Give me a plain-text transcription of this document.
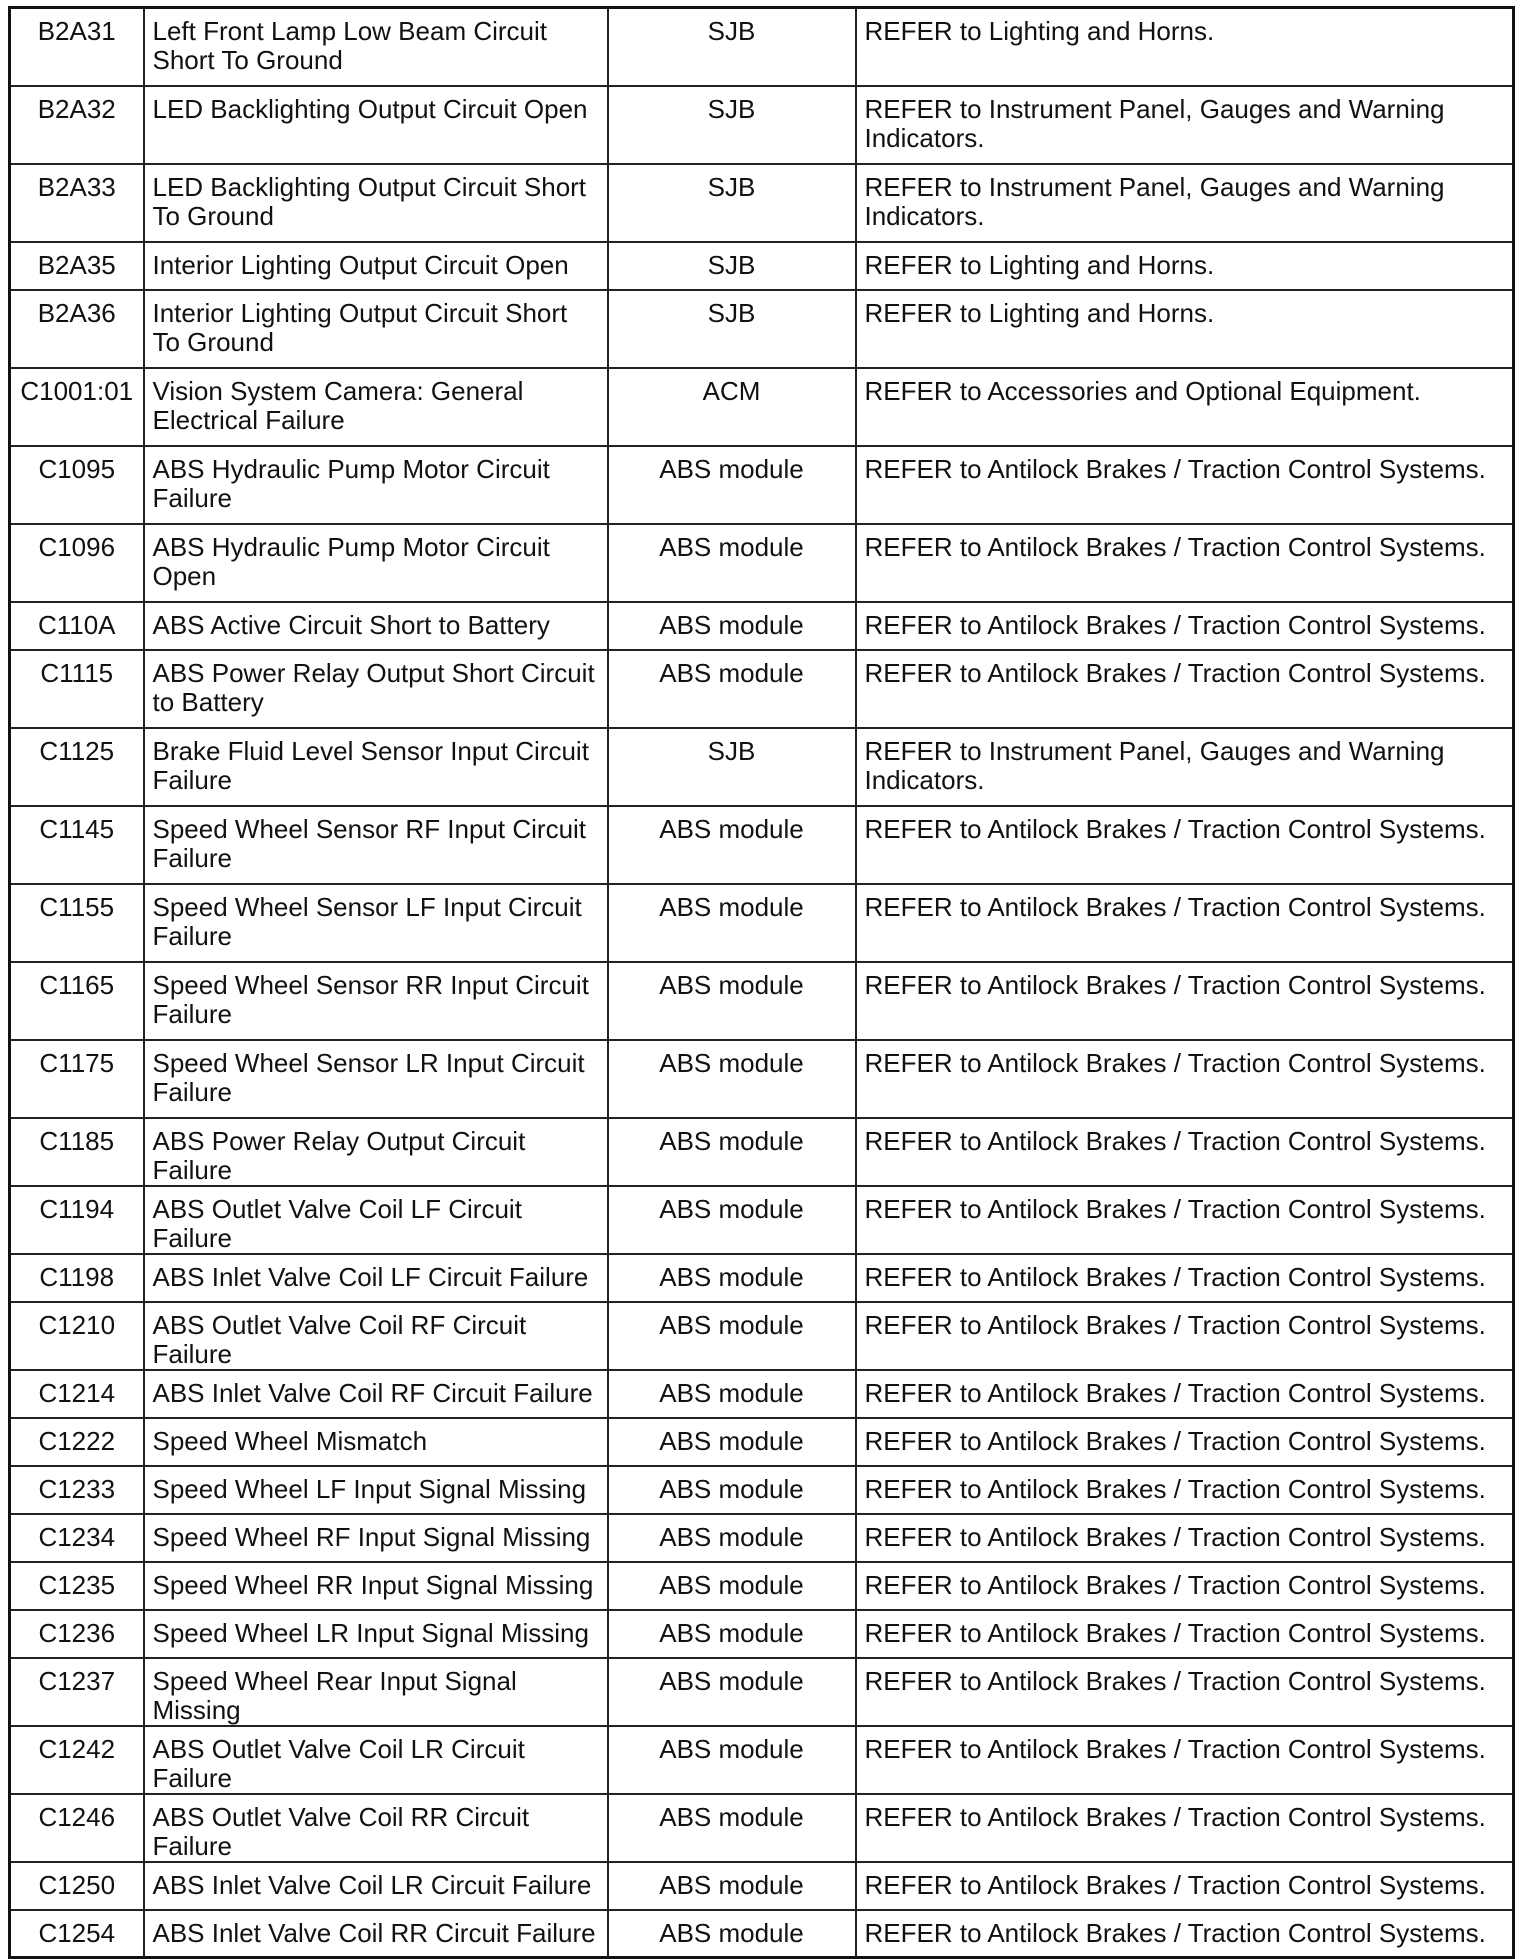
B2A31	Left Front Lamp Low Beam Circuit Short To Ground	SJB	REFER to Lighting and Horns.
B2A32	LED Backlighting Output Circuit Open	SJB	REFER to Instrument Panel, Gauges and Warning Indicators.
B2A33	LED Backlighting Output Circuit Short To Ground	SJB	REFER to Instrument Panel, Gauges and Warning Indicators.
B2A35	Interior Lighting Output Circuit Open	SJB	REFER to Lighting and Horns.
B2A36	Interior Lighting Output Circuit Short To Ground	SJB	REFER to Lighting and Horns.
C1001:01	Vision System Camera: General Electrical Failure	ACM	REFER to Accessories and Optional Equipment.
C1095	ABS Hydraulic Pump Motor Circuit Failure	ABS module	REFER to Antilock Brakes / Traction Control Systems.
C1096	ABS Hydraulic Pump Motor Circuit Open	ABS module	REFER to Antilock Brakes / Traction Control Systems.
C110A	ABS Active Circuit Short to Battery	ABS module	REFER to Antilock Brakes / Traction Control Systems.
C1115	ABS Power Relay Output Short Circuit to Battery	ABS module	REFER to Antilock Brakes / Traction Control Systems.
C1125	Brake Fluid Level Sensor Input Circuit Failure	SJB	REFER to Instrument Panel, Gauges and Warning Indicators.
C1145	Speed Wheel Sensor RF Input Circuit Failure	ABS module	REFER to Antilock Brakes / Traction Control Systems.
C1155	Speed Wheel Sensor LF Input Circuit Failure	ABS module	REFER to Antilock Brakes / Traction Control Systems.
C1165	Speed Wheel Sensor RR Input Circuit Failure	ABS module	REFER to Antilock Brakes / Traction Control Systems.
C1175	Speed Wheel Sensor LR Input Circuit Failure	ABS module	REFER to Antilock Brakes / Traction Control Systems.
C1185	ABS Power Relay Output Circuit Failure	ABS module	REFER to Antilock Brakes / Traction Control Systems.
C1194	ABS Outlet Valve Coil LF Circuit Failure	ABS module	REFER to Antilock Brakes / Traction Control Systems.
C1198	ABS Inlet Valve Coil LF Circuit Failure	ABS module	REFER to Antilock Brakes / Traction Control Systems.
C1210	ABS Outlet Valve Coil RF Circuit Failure	ABS module	REFER to Antilock Brakes / Traction Control Systems.
C1214	ABS Inlet Valve Coil RF Circuit Failure	ABS module	REFER to Antilock Brakes / Traction Control Systems.
C1222	Speed Wheel Mismatch	ABS module	REFER to Antilock Brakes / Traction Control Systems.
C1233	Speed Wheel LF Input Signal Missing	ABS module	REFER to Antilock Brakes / Traction Control Systems.
C1234	Speed Wheel RF Input Signal Missing	ABS module	REFER to Antilock Brakes / Traction Control Systems.
C1235	Speed Wheel RR Input Signal Missing	ABS module	REFER to Antilock Brakes / Traction Control Systems.
C1236	Speed Wheel LR Input Signal Missing	ABS module	REFER to Antilock Brakes / Traction Control Systems.
C1237	Speed Wheel Rear Input Signal Missing	ABS module	REFER to Antilock Brakes / Traction Control Systems.
C1242	ABS Outlet Valve Coil LR Circuit Failure	ABS module	REFER to Antilock Brakes / Traction Control Systems.
C1246	ABS Outlet Valve Coil RR Circuit Failure	ABS module	REFER to Antilock Brakes / Traction Control Systems.
C1250	ABS Inlet Valve Coil LR Circuit Failure	ABS module	REFER to Antilock Brakes / Traction Control Systems.
C1254	ABS Inlet Valve Coil RR Circuit Failure	ABS module	REFER to Antilock Brakes / Traction Control Systems.
